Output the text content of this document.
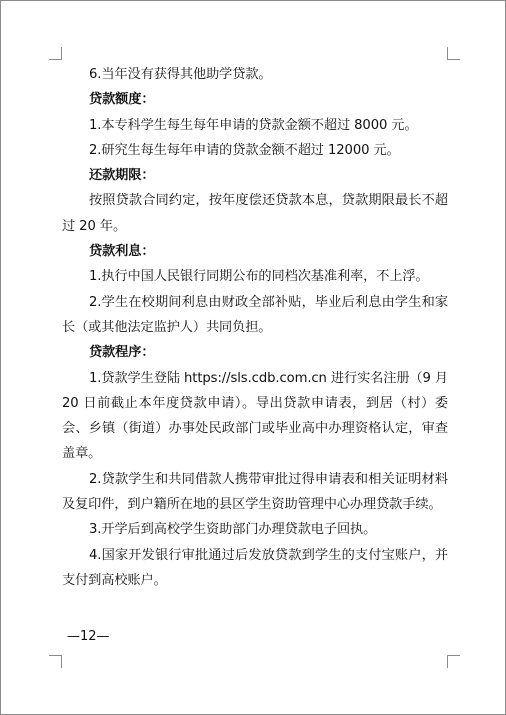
6.当年没有获得其他助学贷款。

贷款额度：

1.本专科学生每生每年申请的贷款金额不超过 8000 元。

2.研究生每生每年申请的贷款金额不超过 12000 元。

还款期限：

按照贷款合同约定，按年度偿还贷款本息，贷款期限最长不超过 20 年。

贷款利息：

1.执行中国人民银行同期公布的同档次基准利率，不上浮。

2.学生在校期间利息由财政全部补贴，毕业后利息由学生和家长（或其他法定监护人）共同负担。

贷款程序：

1.贷款学生登陆 https://sls.cdb.com.cn 进行实名注册（9 月 20 日前截止本年度贷款申请）。导出贷款申请表，到居（村）委会、乡镇（街道）办事处民政部门或毕业高中办理资格认定，审查盖章。

2.贷款学生和共同借款人携带审批过得申请表和相关证明材料及复印件，到户籍所在地的县区学生资助管理中心办理贷款手续。

3.开学后到高校学生资助部门办理贷款电子回执。

4.国家开发银行审批通过后发放贷款到学生的支付宝账户，并支付到高校账户。

—12—
